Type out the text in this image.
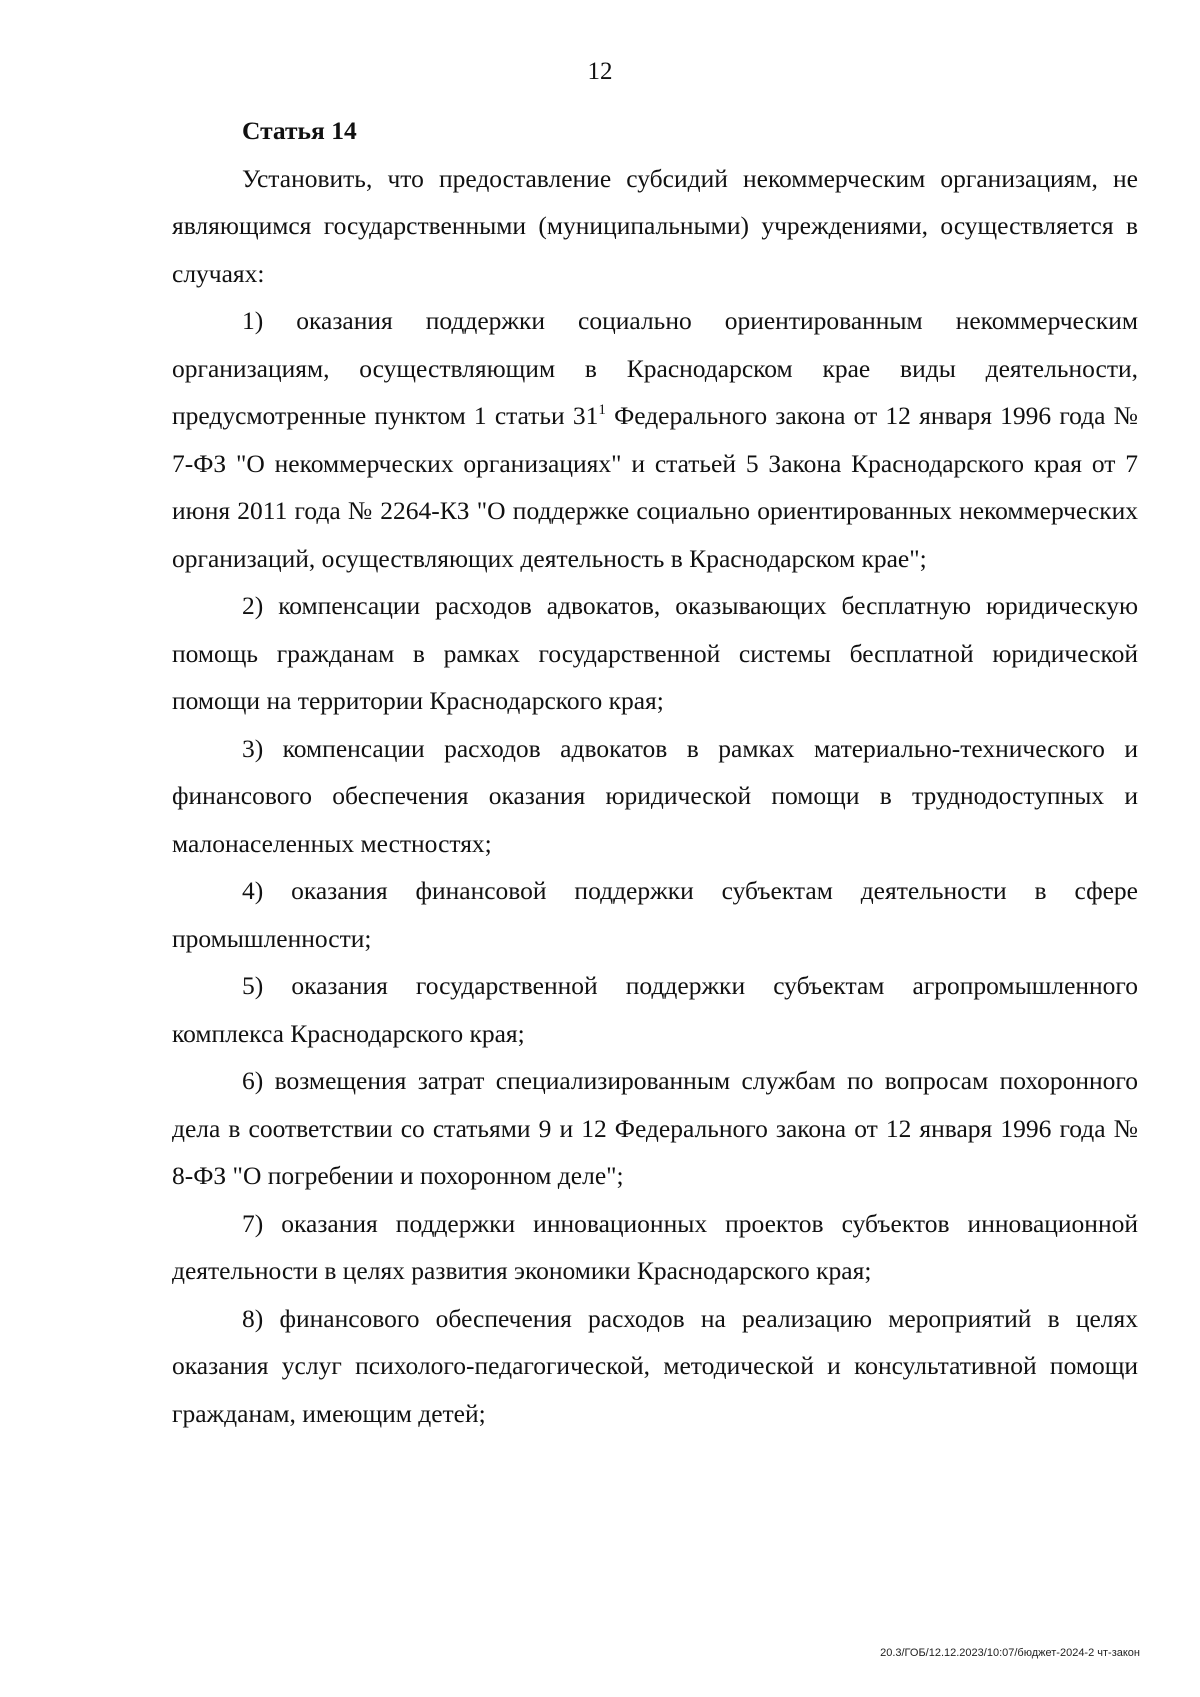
12

Статья 14

Установить, что предоставление субсидий некоммерческим организациям, не являющимся государственными (муниципальными) учреждениями, осуществляется в случаях:

1) оказания поддержки социально ориентированным некоммерческим организациям, осуществляющим в Краснодарском крае виды деятельности, предусмотренные пунктом 1 статьи $31^1$ Федерального закона от 12 января 1996 года № 7-ФЗ "О некоммерческих организациях" и статьей 5 Закона Краснодарского края от 7 июня 2011 года № 2264-КЗ "О поддержке социально ориентированных некоммерческих организаций, осуществляющих деятельность в Краснодарском крае";

2) компенсации расходов адвокатов, оказывающих бесплатную юридическую помощь гражданам в рамках государственной системы бесплатной юридической помощи на территории Краснодарского края;

3) компенсации расходов адвокатов в рамках материально-технического и финансового обеспечения оказания юридической помощи в труднодоступных и малонаселенных местностях;

4) оказания финансовой поддержки субъектам деятельности в сфере промышленности;

5) оказания государственной поддержки субъектам агропромышленного комплекса Краснодарского края;

6) возмещения затрат специализированным службам по вопросам похоронного дела в соответствии со статьями 9 и 12 Федерального закона от 12 января 1996 года № 8-ФЗ "О погребении и похоронном деле";

7) оказания поддержки инновационных проектов субъектов инновационной деятельности в целях развития экономики Краснодарского края;

8) финансового обеспечения расходов на реализацию мероприятий в целях оказания услуг психолого-педагогической, методической и консультативной помощи гражданам, имеющим детей;

20.3/ГОБ/12.12.2023/10:07/бюджет-2024-2 чт-закон
